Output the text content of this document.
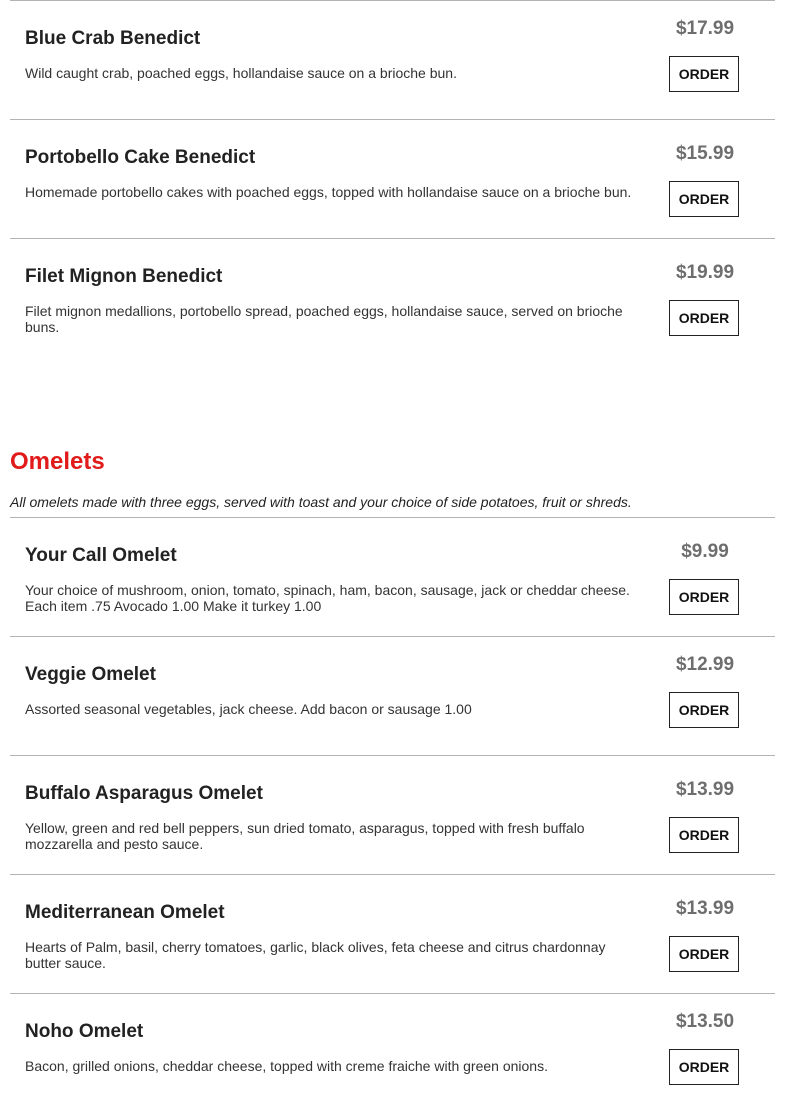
Blue Crab Benedict
Wild caught crab, poached eggs, hollandaise sauce on a brioche bun.
$17.99
ORDER
Portobello Cake Benedict
Homemade portobello cakes with poached eggs, topped with hollandaise sauce on a brioche bun.
$15.99
ORDER
Filet Mignon Benedict
Filet mignon medallions, portobello spread, poached eggs, hollandaise sauce, served on brioche buns.
$19.99
ORDER
Omelets
All omelets made with three eggs, served with toast and your choice of side potatoes, fruit or shreds.
Your Call Omelet
Your choice of mushroom, onion, tomato, spinach, ham, bacon, sausage, jack or cheddar cheese. Each item .75 Avocado 1.00 Make it turkey 1.00
$9.99
ORDER
Veggie Omelet
Assorted seasonal vegetables, jack cheese. Add bacon or sausage 1.00
$12.99
ORDER
Buffalo Asparagus Omelet
Yellow, green and red bell peppers, sun dried tomato, asparagus, topped with fresh buffalo mozzarella and pesto sauce.
$13.99
ORDER
Mediterranean Omelet
Hearts of Palm, basil, cherry tomatoes, garlic, black olives, feta cheese and citrus chardonnay butter sauce.
$13.99
ORDER
Noho Omelet
Bacon, grilled onions, cheddar cheese, topped with creme fraiche with green onions.
$13.50
ORDER
